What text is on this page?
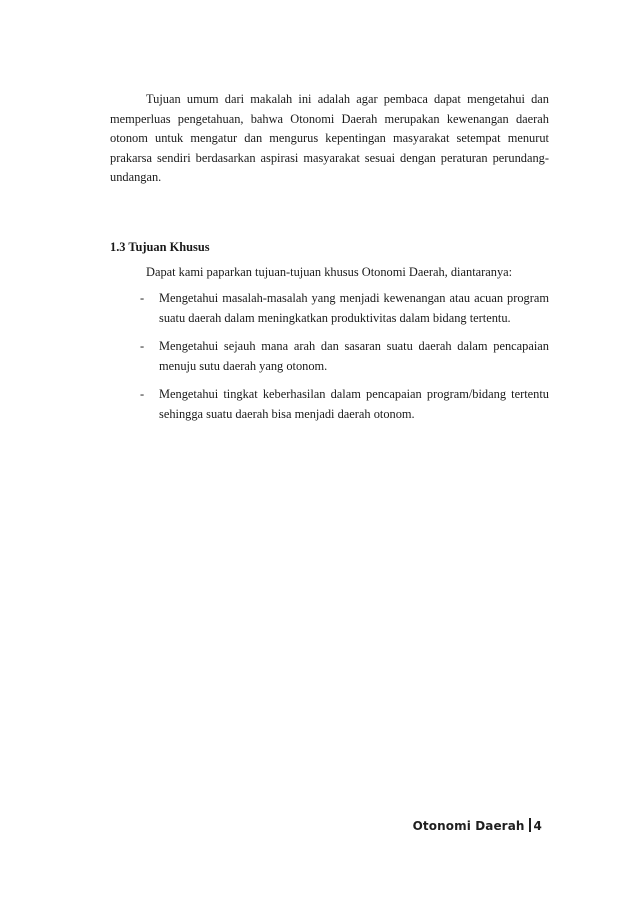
Tujuan umum dari makalah ini adalah agar pembaca dapat mengetahui dan memperluas pengetahuan, bahwa Otonomi Daerah merupakan kewenangan daerah otonom untuk mengatur dan mengurus kepentingan masyarakat setempat menurut prakarsa sendiri berdasarkan aspirasi masyarakat sesuai dengan peraturan perundang-undangan.

1.3 Tujuan Khusus

Dapat kami paparkan tujuan-tujuan khusus Otonomi Daerah, diantaranya:

- Mengetahui masalah-masalah yang menjadi kewenangan atau acuan program suatu daerah dalam meningkatkan produktivitas dalam bidang tertentu.
- Mengetahui sejauh mana arah dan sasaran suatu daerah dalam pencapaian menuju sutu daerah yang otonom.
- Mengetahui tingkat keberhasilan dalam pencapaian program/bidang tertentu sehingga suatu daerah bisa menjadi daerah otonom.
Otonomi Daerah 4
